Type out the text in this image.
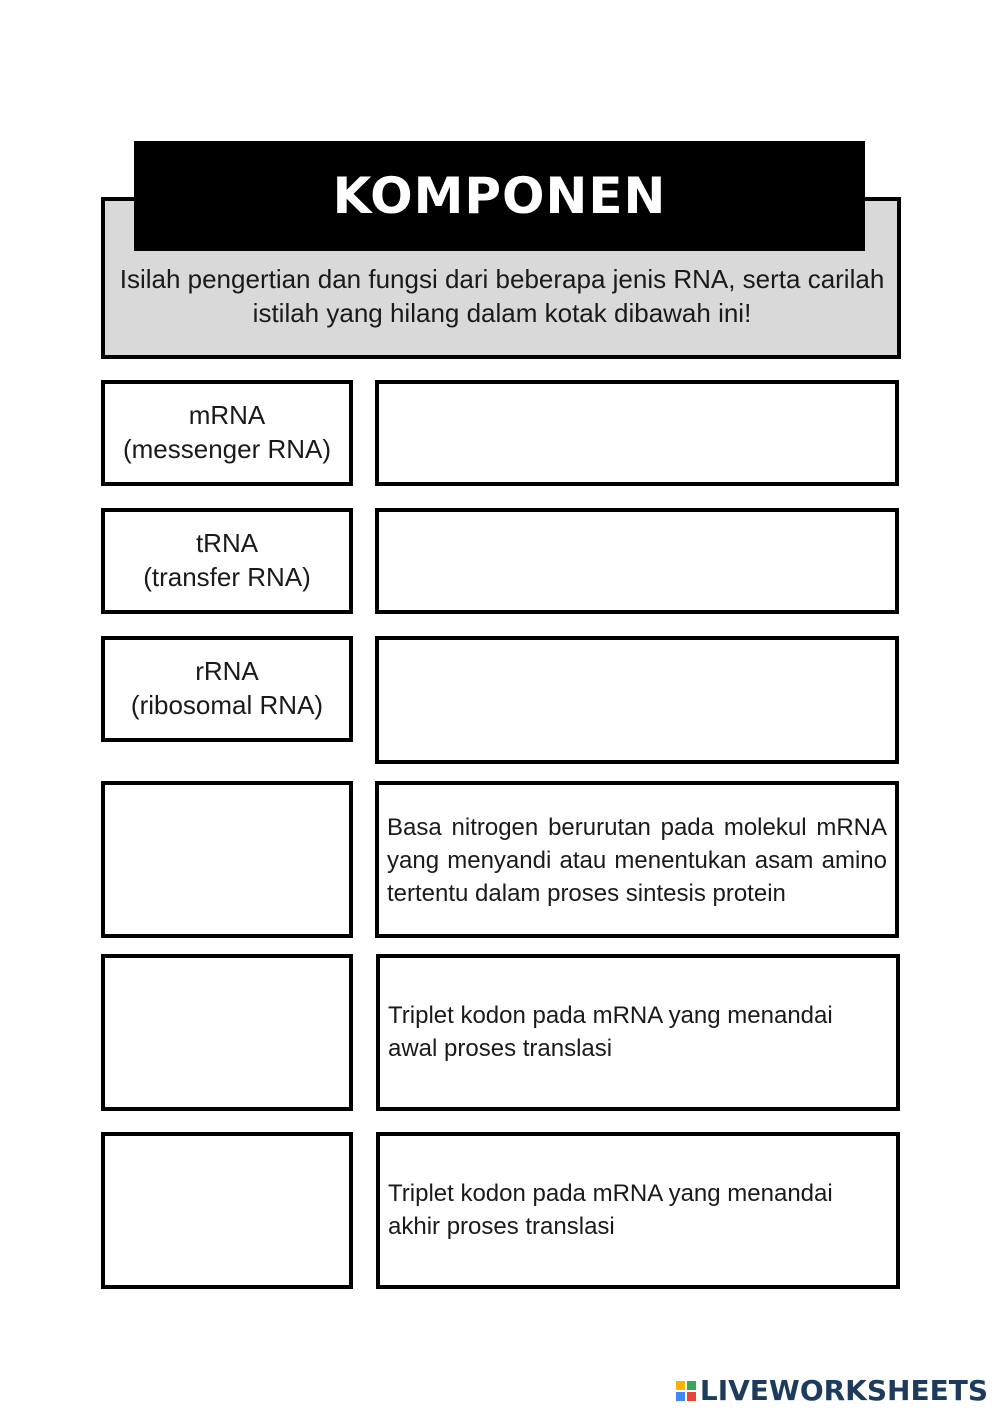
KOMPONEN
Isilah pengertian dan fungsi dari beberapa jenis RNA, serta carilah
istilah yang hilang dalam kotak dibawah ini!
mRNA
(messenger RNA)
tRNA
(transfer RNA)
rRNA
(ribosomal RNA)
Basa nitrogen berurutan pada molekul mRNA yang menyandi atau menentukan asam amino tertentu dalam proses sintesis protein
Triplet kodon pada mRNA yang menandai awal proses translasi
Triplet kodon pada mRNA yang menandai akhir proses translasi
LIVEWORKSHEETS
